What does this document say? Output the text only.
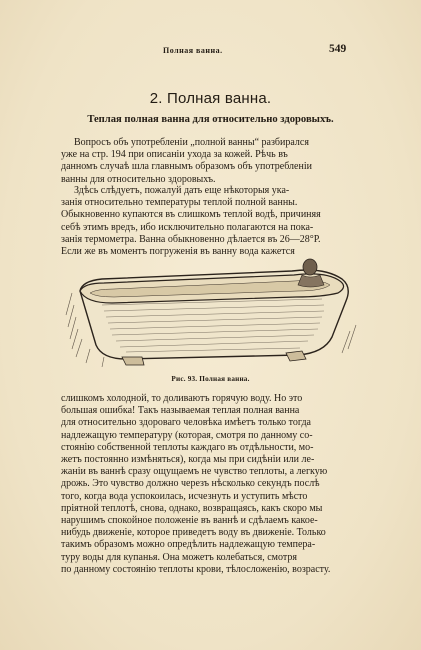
Полная ванна.	549
2. Полная ванна.
Теплая полная ванна для относительно здоровыхъ.
Вопросъ объ употребленіи „полной ванны“ разбирался
уже на стр. 194 при описаніи ухода за кожей. Рѣчь въ
данномъ случаѣ шла главнымъ образомъ объ употребленіи
ванны для относительно здоровыхъ.
Здѣсь слѣдуетъ, пожалуй дать еще нѣкоторыя ука-
занія относительно температуры теплой полной ванны.
Обыкновенно купаются въ слишкомъ теплой водѣ, причиняя
себѣ этимъ вредъ, ибо исключительно полагаются на пока-
занія термометра. Ванна обыкновенно дѣлается въ 26—28°Р.
Если же въ моментъ погруженія въ ванну вода кажется
Рис. 93. Полная ванна.
слишкомъ холодной, то доливаютъ горячую воду. Но это
большая ошибка! Такъ называемая теплая полная ванна
для относительно здороваго человѣка имѣетъ только тогда
надлежащую температуру (которая, смотря по данному со-
стоянію собственной теплоты каждаго въ отдѣльности, мо-
жетъ постоянно измѣняться), когда мы при сидѣніи или ле-
жаніи въ ваннѣ сразу ощущаемъ не чувство теплоты, а легкую
дрожь. Это чувство должно черезъ нѣсколько секундъ послѣ
того, когда вода успокоилась, исчезнуть и уступить мѣсто
пріятной теплотѣ, снова, однако, возвращаясь, какъ скоро мы
нарушимъ спокойное положеніе въ ваннѣ и сдѣлаемъ какое-
нибудь движеніе, которое приведетъ воду въ движеніе. Только
такимъ образомъ можно опредѣлить надлежащую темпера-
туру воды для купанья. Она можетъ колебаться, смотря
по данному состоянію теплоты крови, тѣлосложенію, возрасту.
